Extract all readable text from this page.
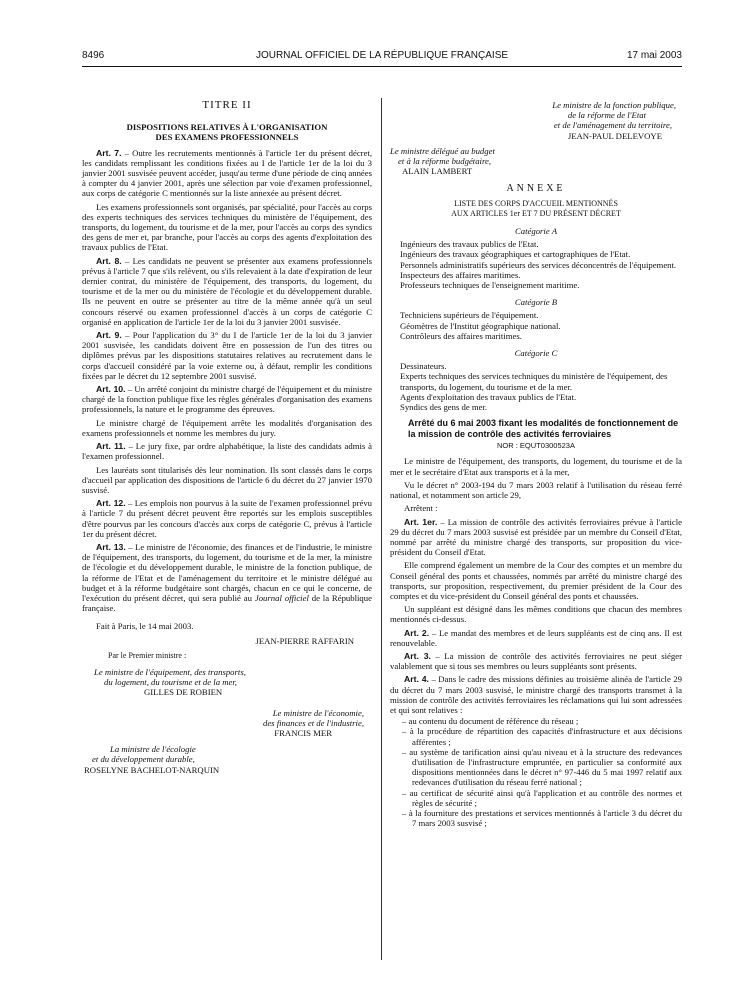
8496	JOURNAL OFFICIEL DE LA RÉPUBLIQUE FRANÇAISE	17 mai 2003

TITRE II

DISPOSITIONS RELATIVES À L'ORGANISATION

DES EXAMENS PROFESSIONNELS

Art. 7. – Outre les recrutements mentionnés à l'article 1er du présent décret, les candidats remplissant les conditions fixées au I de l'article 1er de la loi du 3 janvier 2001 susvisée peuvent accéder, jusqu'au terme d'une période de cinq années à compter du 4 janvier 2001, après une sélection par voie d'examen professionnel, aux corps de catégorie C mentionnés sur la liste annexée au présent décret.

Les examens professionnels sont organisés, par spécialité, pour l'accès au corps des experts techniques des services techniques du ministère de l'équipement, des transports, du logement, du tourisme et de la mer, pour l'accès au corps des syndics des gens de mer et, par branche, pour l'accès au corps des agents d'exploitation des travaux publics de l'Etat.

Art. 8. – Les candidats ne peuvent se présenter aux examens professionnels prévus à l'article 7 que s'ils relèvent, ou s'ils relevaient à la date d'expiration de leur dernier contrat, du ministère de l'équipement, des transports, du logement, du tourisme et de la mer ou du ministère de l'écologie et du développement durable. Ils ne peuvent en outre se présenter au titre de la même année qu'à un seul concours réservé ou examen professionnel d'accès à un corps de catégorie C organisé en application de l'article 1er de la loi du 3 janvier 2001 susvisée.

Art. 9. – Pour l'application du 3° du I de l'article 1er de la loi du 3 janvier 2001 susvisée, les candidats doivent être en possession de l'un des titres ou diplômes prévus par les dispositions statutaires relatives au recrutement dans le corps d'accueil considéré par la voie externe ou, à défaut, remplir les conditions fixées par le décret du 12 septembre 2001 susvisé.

Art. 10. – Un arrêté conjoint du ministre chargé de l'équipement et du ministre chargé de la fonction publique fixe les règles générales d'organisation des examens professionnels, la nature et le programme des épreuves.

Le ministre chargé de l'équipement arrête les modalités d'organisation des examens professionnels et nomme les membres du jury.

Art. 11. – Le jury fixe, par ordre alphabétique, la liste des candidats admis à l'examen professionnel.

Les lauréats sont titularisés dès leur nomination. Ils sont classés dans le corps d'accueil par application des dispositions de l'article 6 du décret du 27 janvier 1970 susvisé.

Art. 12. – Les emplois non pourvus à la suite de l'examen professionnel prévu à l'article 7 du présent décret peuvent être reportés sur les emplois susceptibles d'être pourvus par les concours d'accès aux corps de catégorie C, prévus à l'article 1er du présent décret.

Art. 13. – Le ministre de l'économie, des finances et de l'industrie, le ministre de l'équipement, des transports, du logement, du tourisme et de la mer, la ministre de l'écologie et du développement durable, le ministre de la fonction publique, de la réforme de l'Etat et de l'aménagement du territoire et le ministre délégué au budget et à la réforme budgétaire sont chargés, chacun en ce qui le concerne, de l'exécution du présent décret, qui sera publié au Journal officiel de la République française.

Fait à Paris, le 14 mai 2003.

JEAN-PIERRE RAFFARIN

Par le Premier ministre :

Le ministre de l'équipement, des transports,

du logement, du tourisme et de la mer,

GILLES DE ROBIEN

Le ministre de l'économie,

des finances et de l'industrie,

FRANCIS MER

La ministre de l'écologie

et du développement durable,

ROSELYNE BACHELOT-NARQUIN

Le ministre de la fonction publique,

de la réforme de l'Etat

et de l'aménagement du territoire,

JEAN-PAUL DELEVOYE

Le ministre délégué au budget

et à la réforme budgétaire,

ALAIN LAMBERT

ANNEXE

LISTE DES CORPS D'ACCUEIL MENTIONNÉS

AUX ARTICLES 1er ET 7 DU PRÉSENT DÉCRET

Catégorie A

Ingénieurs des travaux publics de l'Etat.

Ingénieurs des travaux géographiques et cartographiques de l'Etat.

Personnels administratifs supérieurs des services déconcentrés de l'équipement.

Inspecteurs des affaires maritimes.

Professeurs techniques de l'enseignement maritime.

Catégorie B

Techniciens supérieurs de l'équipement.

Géomètres de l'Institut géographique national.

Contrôleurs des affaires maritimes.

Catégorie C

Dessinateurs.

Experts techniques des services techniques du ministère de l'équipement, des transports, du logement, du tourisme et de la mer.

Agents d'exploitation des travaux publics de l'Etat.

Syndics des gens de mer.

Arrêté du 6 mai 2003 fixant les modalités de fonctionnement de la mission de contrôle des activités ferroviaires

NOR : EQUT0300523A

Le ministre de l'équipement, des transports, du logement, du tourisme et de la mer et le secrétaire d'Etat aux transports et à la mer,

Vu le décret n° 2003-194 du 7 mars 2003 relatif à l'utilisation du réseau ferré national, et notamment son article 29,

Arrêtent :

Art. 1er. – La mission de contrôle des activités ferroviaires prévue à l'article 29 du décret du 7 mars 2003 susvisé est présidée par un membre du Conseil d'Etat, nommé par arrêté du ministre chargé des transports, sur proposition du vice-président du Conseil d'Etat.

Elle comprend également un membre de la Cour des comptes et un membre du Conseil général des ponts et chaussées, nommés par arrêté du ministre chargé des transports, sur proposition, respectivement, du premier président de la Cour des comptes et du vice-président du Conseil général des ponts et chaussées.

Un suppléant est désigné dans les mêmes conditions que chacun des membres mentionnés ci-dessus.

Art. 2. – Le mandat des membres et de leurs suppléants est de cinq ans. Il est renouvelable.

Art. 3. – La mission de contrôle des activités ferroviaires ne peut siéger valablement que si tous ses membres ou leurs suppléants sont présents.

Art. 4. – Dans le cadre des missions définies au troisième alinéa de l'article 29 du décret du 7 mars 2003 susvisé, le ministre chargé des transports transmet à la mission de contrôle des activités ferroviaires les réclamations qui lui sont adressées et qui sont relatives :

– au contenu du document de référence du réseau ;

– à la procédure de répartition des capacités d'infrastructure et aux décisions afférentes ;

– au système de tarification ainsi qu'au niveau et à la structure des redevances d'utilisation de l'infrastructure empruntée, en particulier sa conformité aux dispositions mentionnées dans le décret n° 97-446 du 5 mai 1997 relatif aux redevances d'utilisation du réseau ferré national ;

– au certificat de sécurité ainsi qu'à l'application et au contrôle des normes et règles de sécurité ;

– à la fourniture des prestations et services mentionnés à l'article 3 du décret du 7 mars 2003 susvisé ;
